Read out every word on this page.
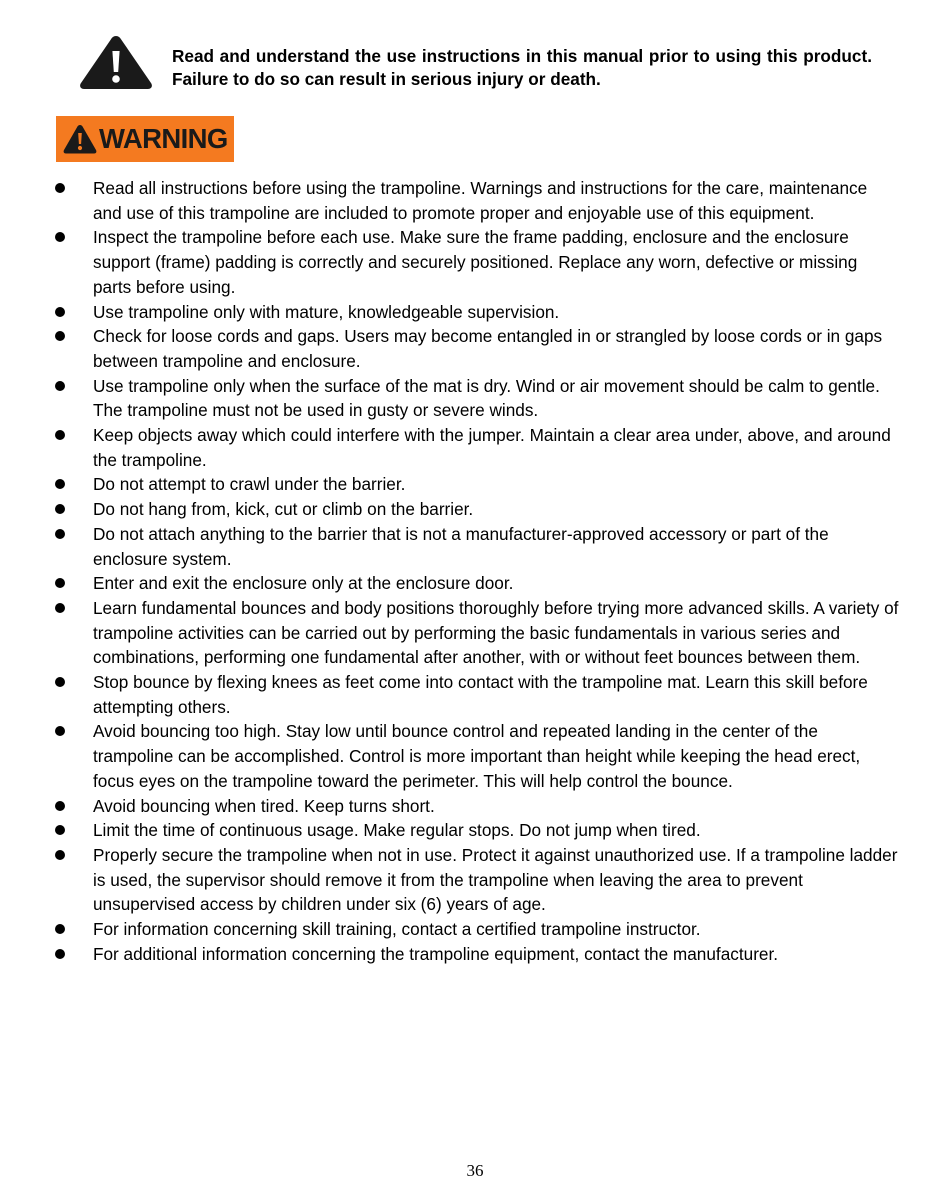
Read and understand the use instructions in this manual prior to using this product. Failure to do so can result in serious injury or death.
WARNING
Read all instructions before using the trampoline. Warnings and instructions for the care, maintenance and use of this trampoline are included to promote proper and enjoyable use of this equipment.
Inspect the trampoline before each use. Make sure the frame padding, enclosure and the enclosure support (frame) padding is correctly and securely positioned. Replace any worn, defective or missing parts before using.
Use trampoline only with mature, knowledgeable supervision.
Check for loose cords and gaps. Users may become entangled in or strangled by loose cords or in gaps between trampoline and enclosure.
Use trampoline only when the surface of the mat is dry. Wind or air movement should be calm to gentle. The trampoline must not be used in gusty or severe winds.
Keep objects away which could interfere with the jumper. Maintain a clear area under, above, and around the trampoline.
Do not attempt to crawl under the barrier.
Do not hang from, kick, cut or climb on the barrier.
Do not attach anything to the barrier that is not a manufacturer-approved accessory or part of the enclosure system.
Enter and exit the enclosure only at the enclosure door.
Learn fundamental bounces and body positions thoroughly before trying more advanced skills. A variety of trampoline activities can be carried out by performing the basic fundamentals in various series and combinations, performing one fundamental after another, with or without feet bounces between them.
Stop bounce by flexing knees as feet come into contact with the trampoline mat. Learn this skill before attempting others.
Avoid bouncing too high. Stay low until bounce control and repeated landing in the center of the trampoline can be accomplished. Control is more important than height while keeping the head erect, focus eyes on the trampoline toward the perimeter. This will help control the bounce.
Avoid bouncing when tired. Keep turns short.
Limit the time of continuous usage. Make regular stops. Do not jump when tired.
Properly secure the trampoline when not in use. Protect it against unauthorized use. If a trampoline ladder is used, the supervisor should remove it from the trampoline when leaving the area to prevent unsupervised access by children under six (6) years of age.
For information concerning skill training, contact a certified trampoline instructor.
For additional information concerning the trampoline equipment, contact the manufacturer.
36
